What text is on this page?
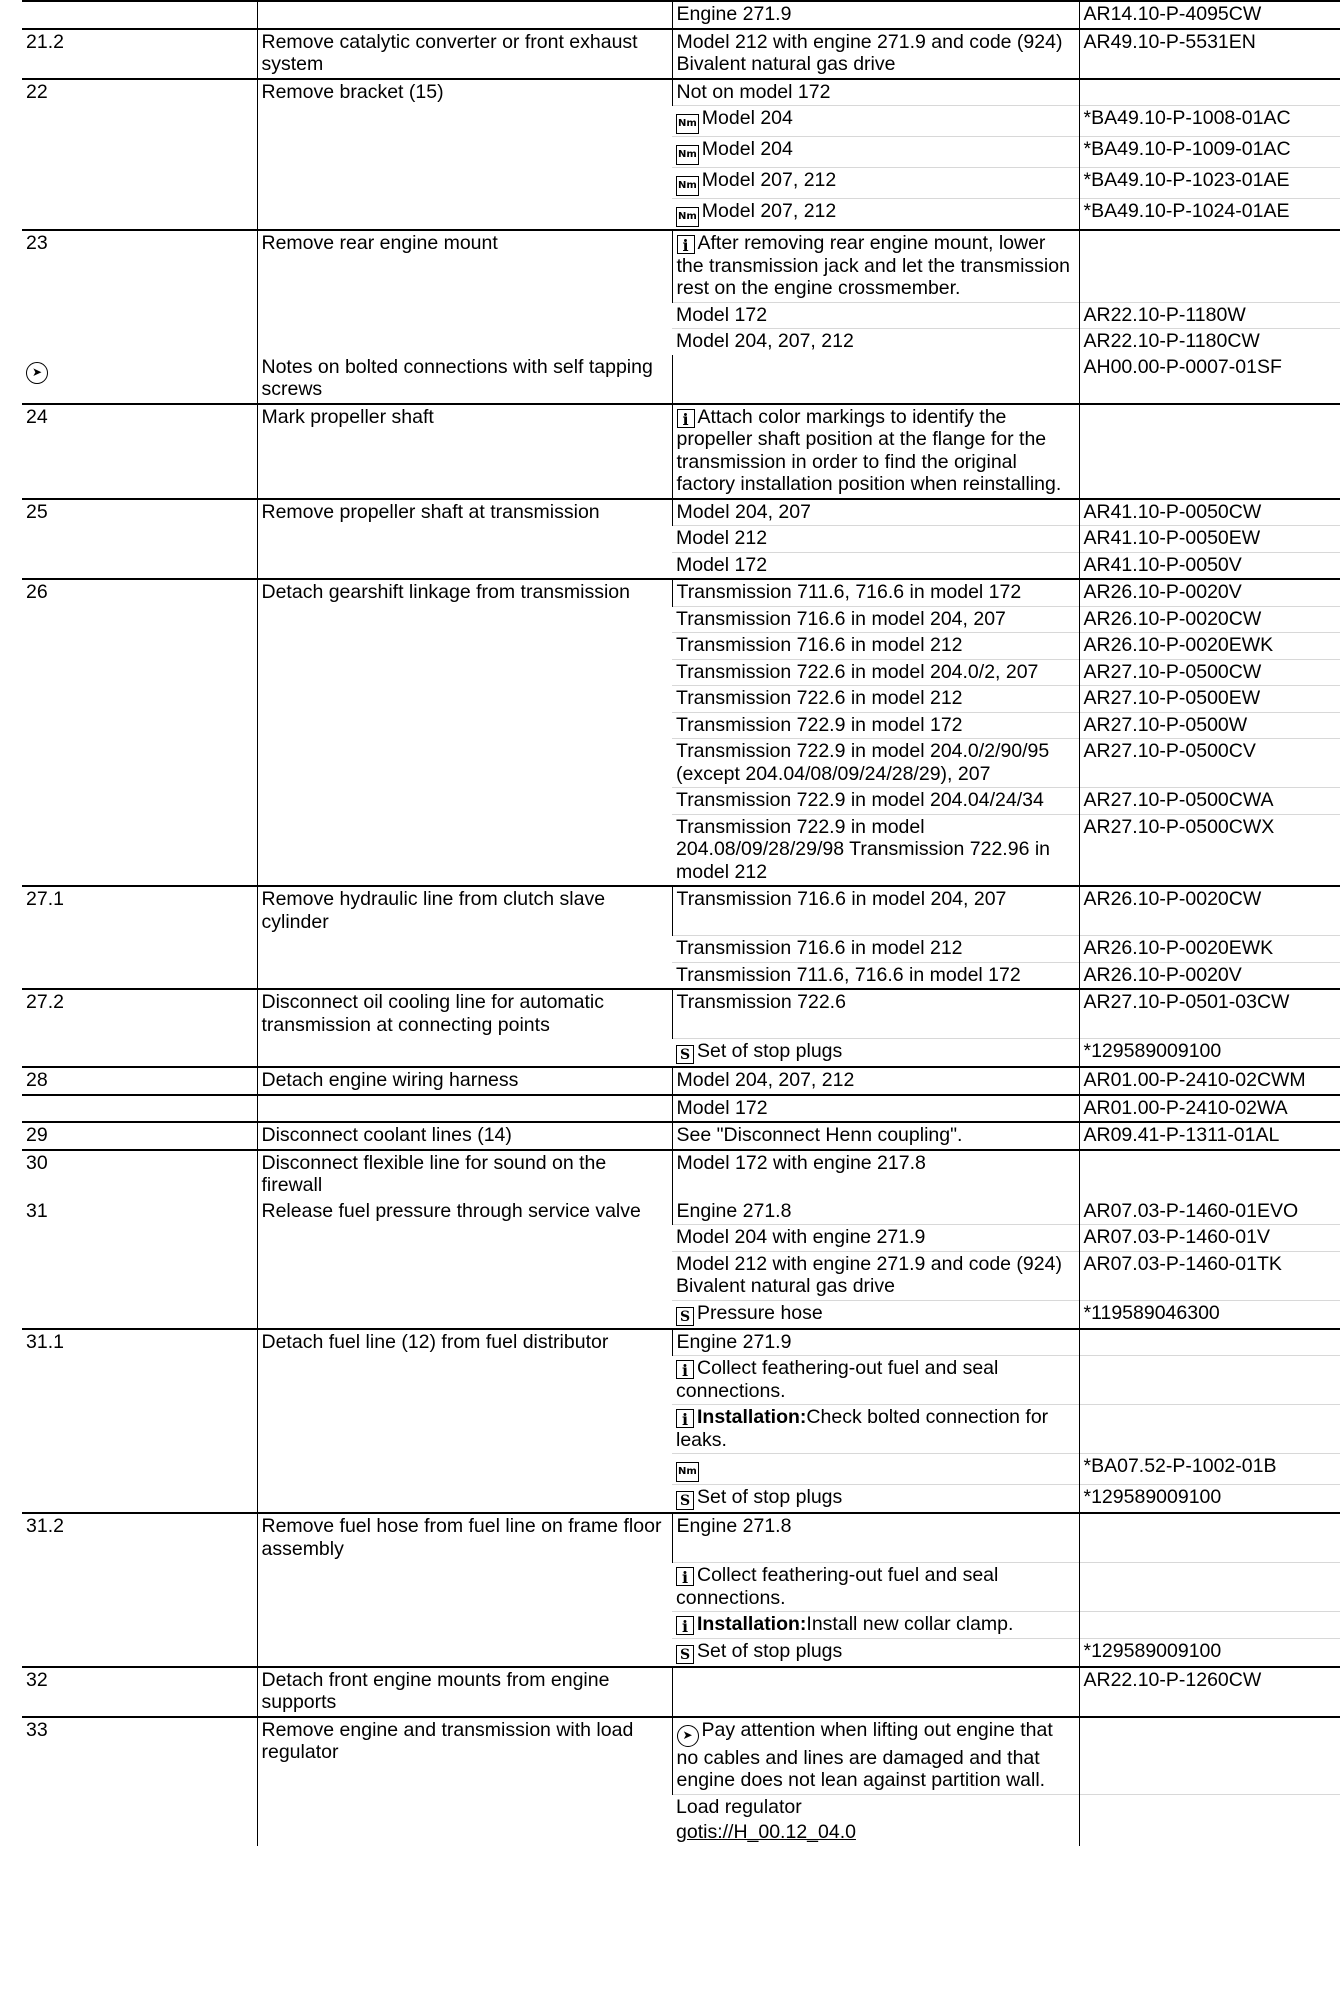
		Engine 271.9	AR14.10-P-4095CW
21.2	Remove catalytic converter or front exhaust system	Model 212 with engine 271.9 and code (924) Bivalent natural gas drive	AR49.10-P-5531EN
22	Remove bracket (15)	Not on model 172	
		Nm Model 204	*BA49.10-P-1008-01AC
		Nm Model 204	*BA49.10-P-1009-01AC
		Nm Model 207, 212	*BA49.10-P-1023-01AE
		Nm Model 207, 212	*BA49.10-P-1024-01AE
23	Remove rear engine mount	i After removing rear engine mount, lower the transmission jack and let the transmission rest on the engine crossmember.	
		Model 172	AR22.10-P-1180W
		Model 204, 207, 212	AR22.10-P-1180CW
➤	Notes on bolted connections with self tapping screws		AH00.00-P-0007-01SF
24	Mark propeller shaft	i Attach color markings to identify the propeller shaft position at the flange for the transmission in order to find the original factory installation position when reinstalling.	
25	Remove propeller shaft at transmission	Model 204, 207	AR41.10-P-0050CW
		Model 212	AR41.10-P-0050EW
		Model 172	AR41.10-P-0050V
26	Detach gearshift linkage from transmission	Transmission 711.6, 716.6 in model 172	AR26.10-P-0020V
		Transmission 716.6 in model 204, 207	AR26.10-P-0020CW
		Transmission 716.6 in model 212	AR26.10-P-0020EWK
		Transmission 722.6 in model 204.0/2, 207	AR27.10-P-0500CW
		Transmission 722.6 in model 212	AR27.10-P-0500EW
		Transmission 722.9 in model 172	AR27.10-P-0500W
		Transmission 722.9 in model 204.0/2/90/95 (except 204.04/08/09/24/28/29), 207	AR27.10-P-0500CV
		Transmission 722.9 in model 204.04/24/34	AR27.10-P-0500CWA
		Transmission 722.9 in model 204.08/09/28/29/98 Transmission 722.96 in model 212	AR27.10-P-0500CWX
27.1	Remove hydraulic line from clutch slave cylinder	Transmission 716.6 in model 204, 207	AR26.10-P-0020CW
		Transmission 716.6 in model 212	AR26.10-P-0020EWK
		Transmission 711.6, 716.6 in model 172	AR26.10-P-0020V
27.2	Disconnect oil cooling line for automatic transmission at connecting points	Transmission 722.6	AR27.10-P-0501-03CW
		S Set of stop plugs	*129589009100
28	Detach engine wiring harness	Model 204, 207, 212	AR01.00-P-2410-02CWM
		Model 172	AR01.00-P-2410-02WA
29	Disconnect coolant lines (14)	See "Disconnect Henn coupling".	AR09.41-P-1311-01AL
30	Disconnect flexible line for sound on the firewall	Model 172 with engine 217.8	
31	Release fuel pressure through service valve	Engine 271.8	AR07.03-P-1460-01EVO
		Model 204 with engine 271.9	AR07.03-P-1460-01V
		Model 212 with engine 271.9 and code (924) Bivalent natural gas drive	AR07.03-P-1460-01TK
		S Pressure hose	*119589046300
31.1	Detach fuel line (12) from fuel distributor	Engine 271.9	
		i Collect feathering-out fuel and seal connections.	
		i Installation:Check bolted connection for leaks.	
		Nm	*BA07.52-P-1002-01B
		S Set of stop plugs	*129589009100
31.2	Remove fuel hose from fuel line on frame floor assembly	Engine 271.8	
		i Collect feathering-out fuel and seal connections.	
		i Installation:Install new collar clamp.	
		S Set of stop plugs	*129589009100
32	Detach front engine mounts from engine supports		AR22.10-P-1260CW
33	Remove engine and transmission with load regulator	➤ Pay attention when lifting out engine that no cables and lines are damaged and that engine does not lean against partition wall.	
		Load regulator	
		gotis://H_00.12_04.0	
